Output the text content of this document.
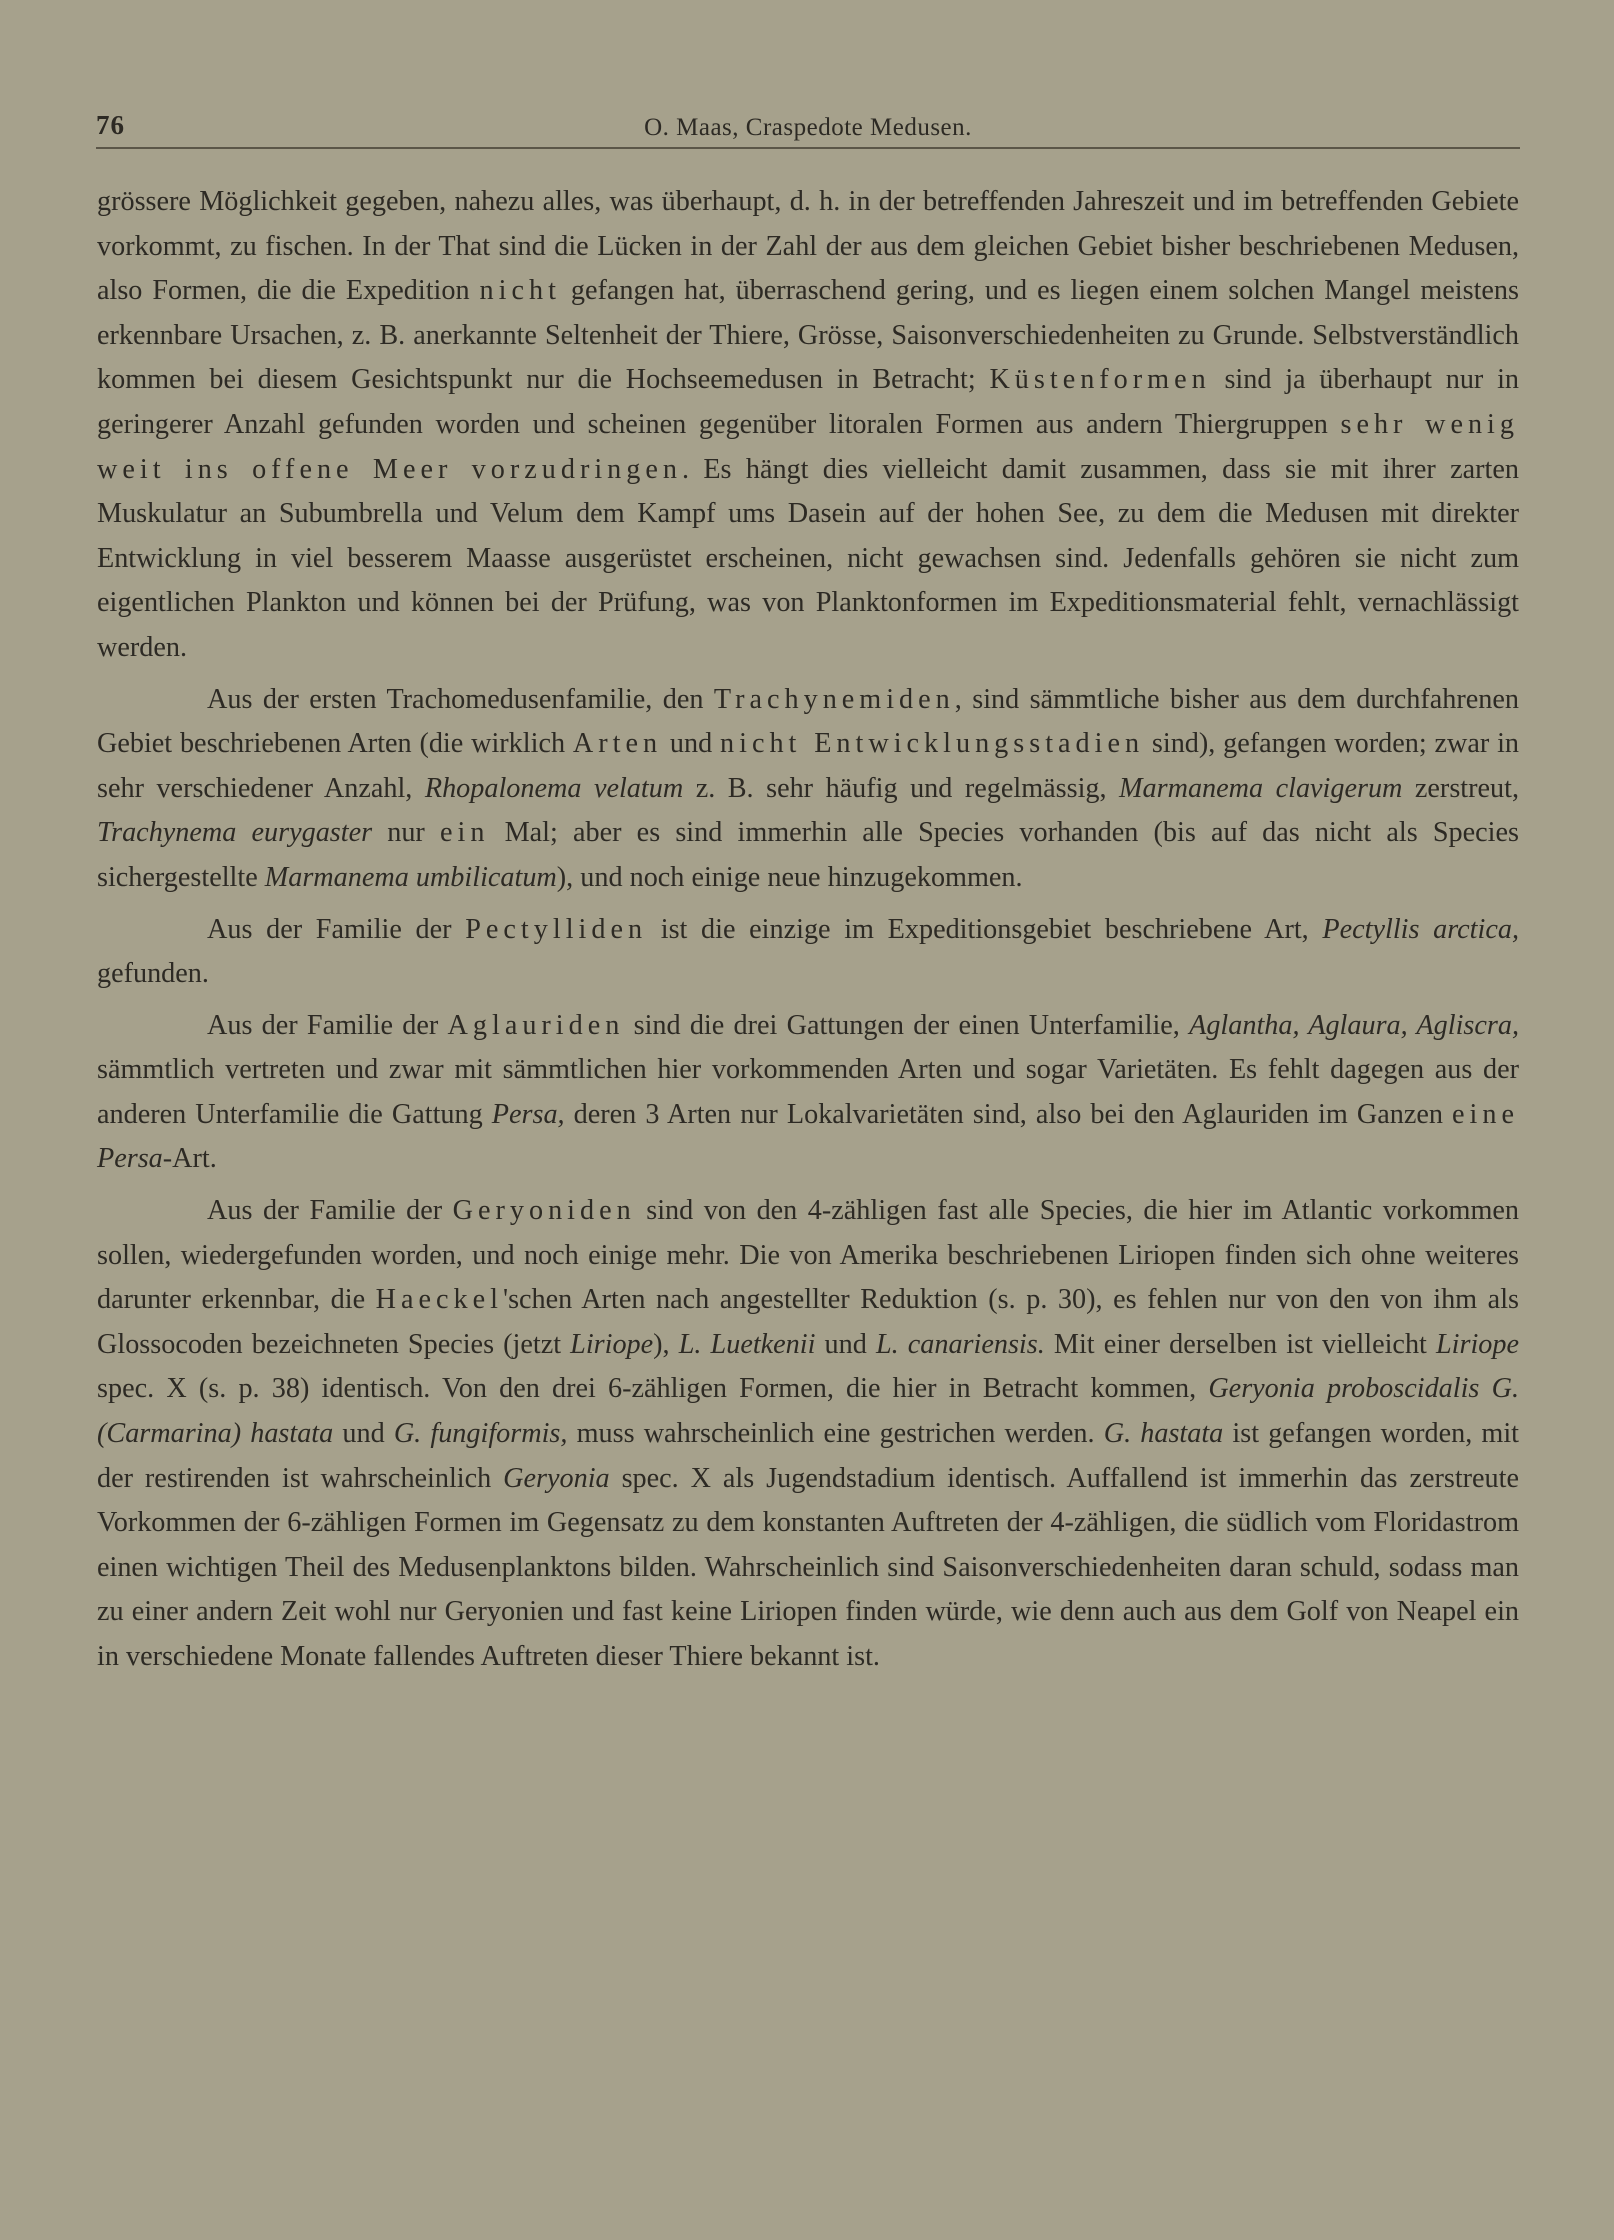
76	O. Maas, Craspedote Medusen.

grössere Möglichkeit gegeben, nahezu alles, was überhaupt, d. h. in der betreffenden Jahreszeit und im betreffenden Gebiete vorkommt, zu fischen. In der That sind die Lücken in der Zahl der aus dem gleichen Gebiet bisher beschriebenen Medusen, also Formen, die die Expedition nicht gefangen hat, überraschend gering, und es liegen einem solchen Mangel meistens erkennbare Ursachen, z. B. anerkannte Seltenheit der Thiere, Grösse, Saisonverschiedenheiten zu Grunde. Selbstverständlich kommen bei diesem Gesichtspunkt nur die Hochseemedusen in Betracht; Küstenformen sind ja überhaupt nur in geringerer Anzahl gefunden worden und scheinen gegenüber litoralen Formen aus andern Thiergruppen sehr wenig weit ins offene Meer vorzudringen. Es hängt dies vielleicht damit zusammen, dass sie mit ihrer zarten Muskulatur an Subumbrella und Velum dem Kampf ums Dasein auf der hohen See, zu dem die Medusen mit direkter Entwicklung in viel besserem Maasse ausgerüstet erscheinen, nicht gewachsen sind. Jedenfalls gehören sie nicht zum eigentlichen Plankton und können bei der Prüfung, was von Planktonformen im Expeditionsmaterial fehlt, vernachlässigt werden.

Aus der ersten Trachomedusenfamilie, den Trachynemiden, sind sämmtliche bisher aus dem durchfahrenen Gebiet beschriebenen Arten (die wirklich Arten und nicht Entwicklungsstadien sind), gefangen worden; zwar in sehr verschiedener Anzahl, Rhopalonema velatum z. B. sehr häufig und regelmässig, Marmanema clavigerum zerstreut, Trachynema eurygaster nur ein Mal; aber es sind immerhin alle Species vorhanden (bis auf das nicht als Species sichergestellte Marmanema umbilicatum), und noch einige neue hinzugekommen.

Aus der Familie der Pectylliden ist die einzige im Expeditionsgebiet beschriebene Art, Pectyllis arctica, gefunden.

Aus der Familie der Aglauriden sind die drei Gattungen der einen Unterfamilie, Aglantha, Aglaura, Agliscra, sämmtlich vertreten und zwar mit sämmtlichen hier vorkommenden Arten und sogar Varietäten. Es fehlt dagegen aus der anderen Unterfamilie die Gattung Persa, deren 3 Arten nur Lokalvarietäten sind, also bei den Aglauriden im Ganzen eine Persa-Art.

Aus der Familie der Geryoniden sind von den 4-zähligen fast alle Species, die hier im Atlantic vorkommen sollen, wiedergefunden worden, und noch einige mehr. Die von Amerika beschriebenen Liriopen finden sich ohne weiteres darunter erkennbar, die Haeckel'schen Arten nach angestellter Reduktion (s. p. 30), es fehlen nur von den von ihm als Glossocoden bezeichneten Species (jetzt Liriope), L. Luetkenii und L. canariensis. Mit einer derselben ist vielleicht Liriope spec. X (s. p. 38) identisch. Von den drei 6-zähligen Formen, die hier in Betracht kommen, Geryonia proboscidalis G. (Carmarina) hastata und G. fungiformis, muss wahrscheinlich eine gestrichen werden. G. hastata ist gefangen worden, mit der restirenden ist wahrscheinlich Geryonia spec. X als Jugendstadium identisch. Auffallend ist immerhin das zerstreute Vorkommen der 6-zähligen Formen im Gegensatz zu dem konstanten Auftreten der 4-zähligen, die südlich vom Floridastrom einen wichtigen Theil des Medusenplanktons bilden. Wahrscheinlich sind Saisonverschiedenheiten daran schuld, sodass man zu einer andern Zeit wohl nur Geryonien und fast keine Liriopen finden würde, wie denn auch aus dem Golf von Neapel ein in verschiedene Monate fallendes Auftreten dieser Thiere bekannt ist.
